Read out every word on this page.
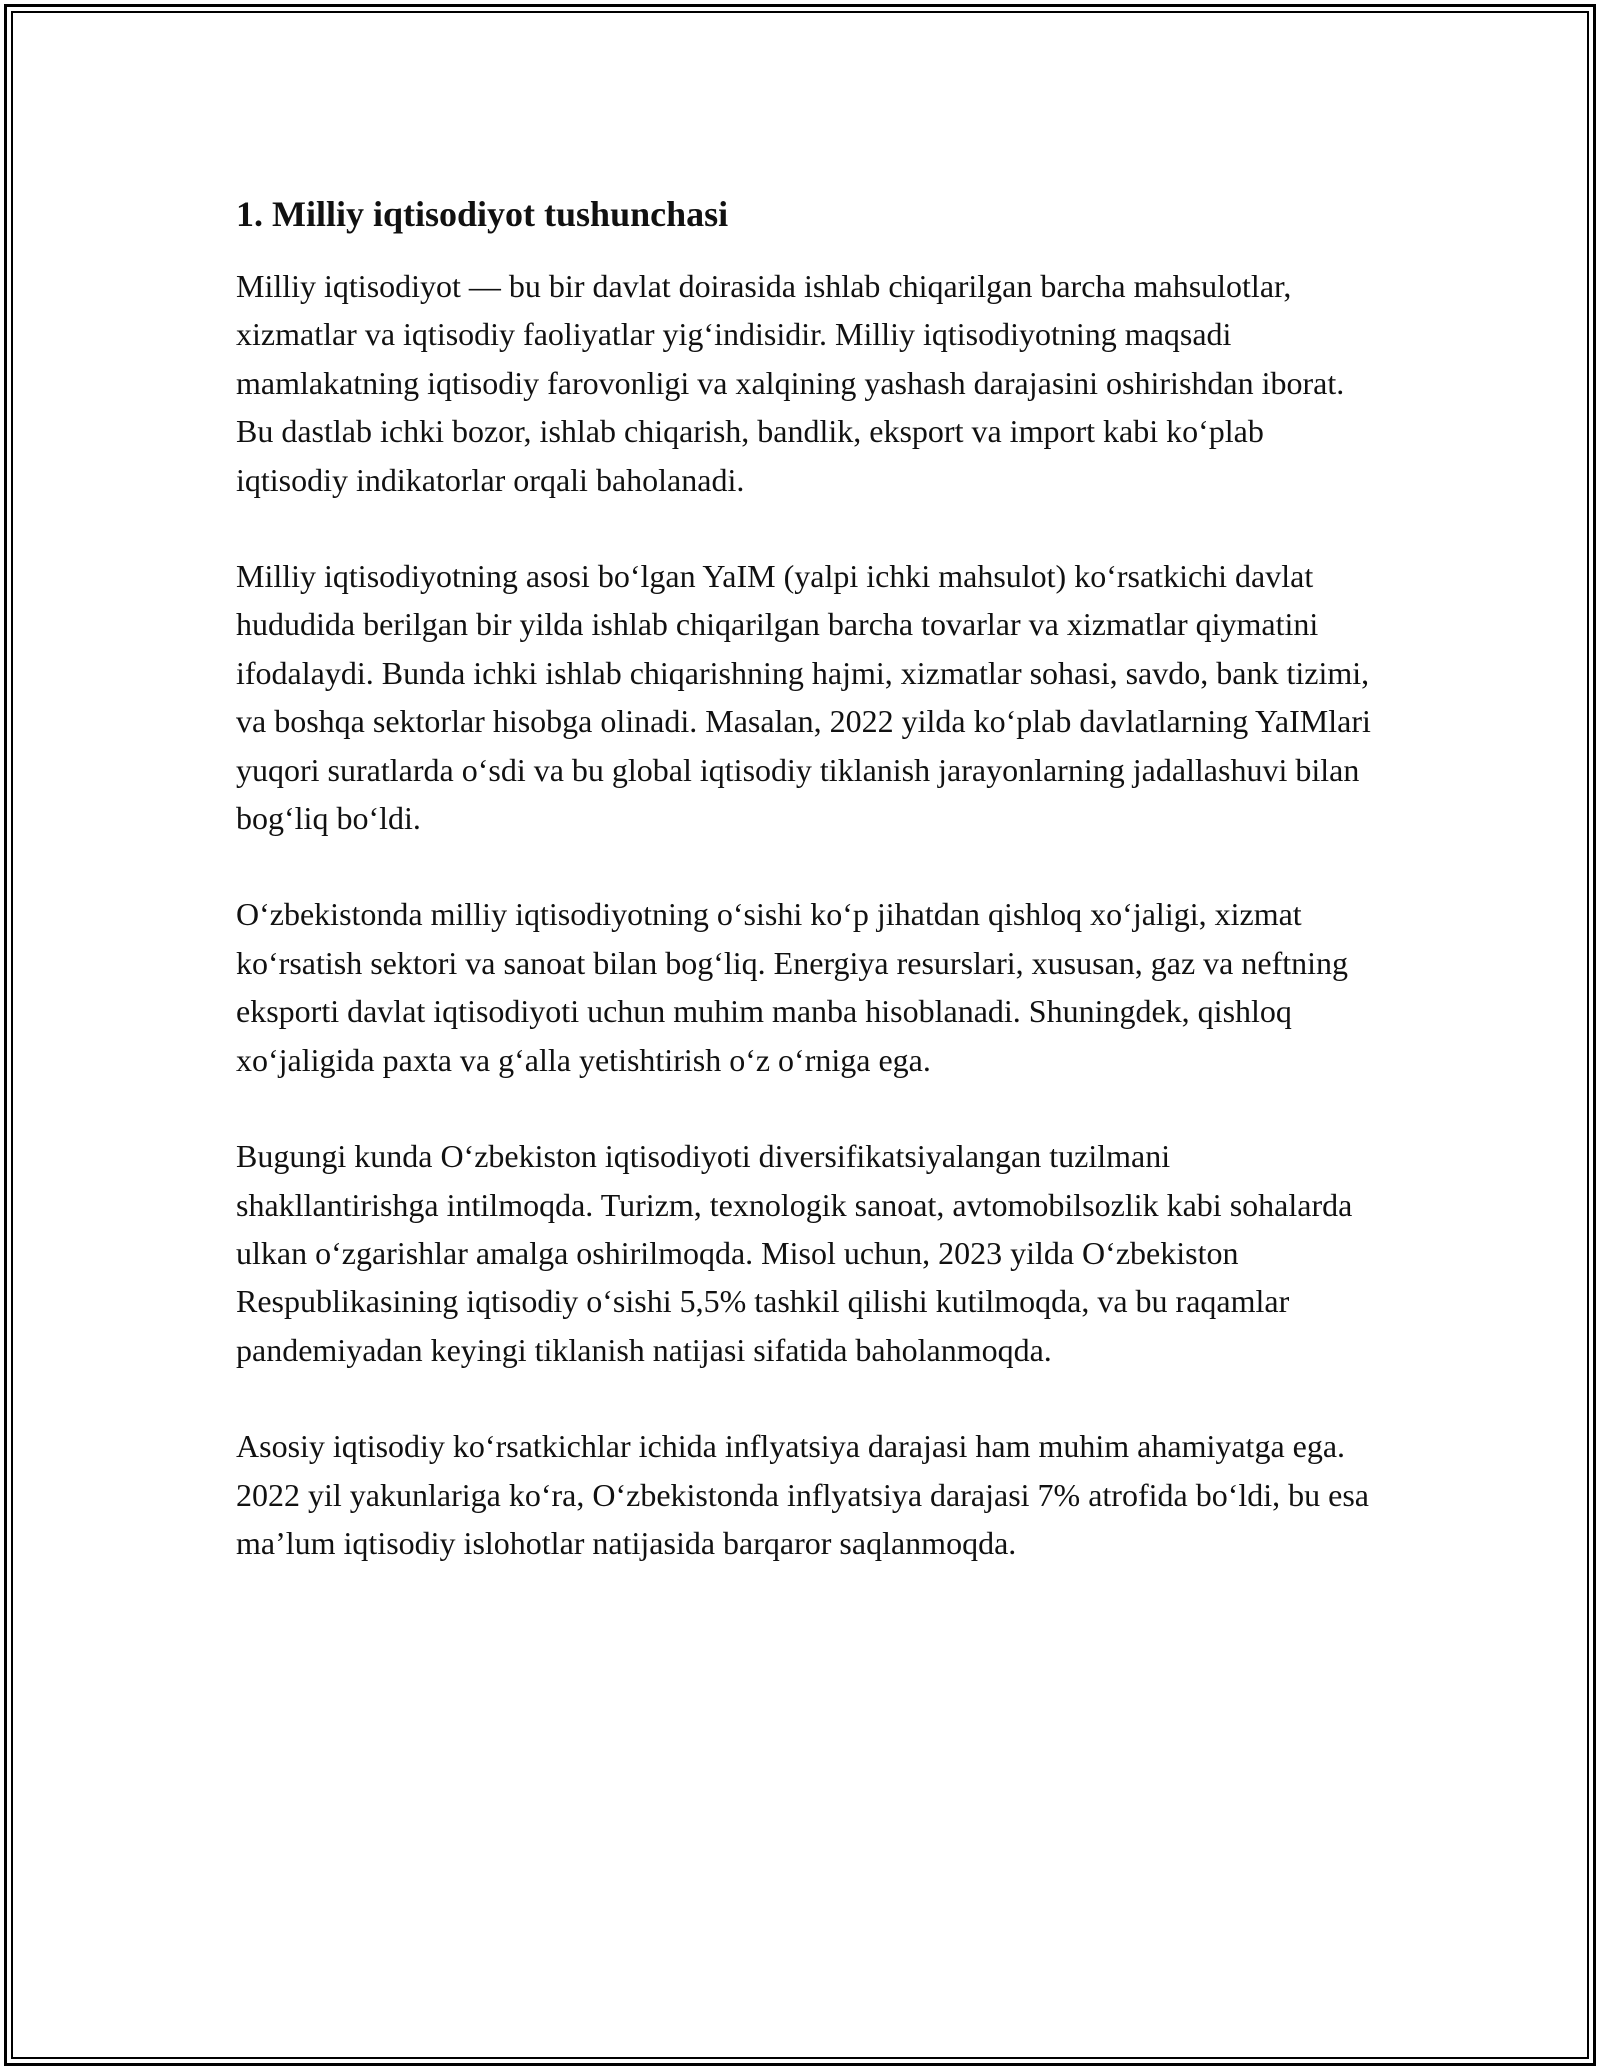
1. Milliy iqtisodiyot tushunchasi

Milliy iqtisodiyot — bu bir davlat doirasida ishlab chiqarilgan barcha mahsulotlar, xizmatlar va iqtisodiy faoliyatlar yig‘indisidir. Milliy iqtisodiyotning maqsadi mamlakatning iqtisodiy farovonligi va xalqining yashash darajasini oshirishdan iborat. Bu dastlab ichki bozor, ishlab chiqarish, bandlik, eksport va import kabi ko‘plab iqtisodiy indikatorlar orqali baholanadi.

Milliy iqtisodiyotning asosi bo‘lgan YaIM (yalpi ichki mahsulot) ko‘rsatkichi davlat hududida berilgan bir yilda ishlab chiqarilgan barcha tovarlar va xizmatlar qiymatini ifodalaydi. Bunda ichki ishlab chiqarishning hajmi, xizmatlar sohasi, savdo, bank tizimi, va boshqa sektorlar hisobga olinadi. Masalan, 2022 yilda ko‘plab davlatlarning YaIMlari yuqori suratlarda o‘sdi va bu global iqtisodiy tiklanish jarayonlarning jadallashuvi bilan bog‘liq bo‘ldi.

O‘zbekistonda milliy iqtisodiyotning o‘sishi ko‘p jihatdan qishloq xo‘jaligi, xizmat ko‘rsatish sektori va sanoat bilan bog‘liq. Energiya resurslari, xususan, gaz va neftning eksporti davlat iqtisodiyoti uchun muhim manba hisoblanadi. Shuningdek, qishloq xo‘jaligida paxta va g‘alla yetishtirish o‘z o‘rniga ega.

Bugungi kunda O‘zbekiston iqtisodiyoti diversifikatsiyalangan tuzilmani shakllantirishga intilmoqda. Turizm, texnologik sanoat, avtomobilsozlik kabi sohalarda ulkan o‘zgarishlar amalga oshirilmoqda. Misol uchun, 2023 yilda O‘zbekiston Respublikasining iqtisodiy o‘sishi 5,5% tashkil qilishi kutilmoqda, va bu raqamlar pandemiyadan keyingi tiklanish natijasi sifatida baholanmoqda.

Asosiy iqtisodiy ko‘rsatkichlar ichida inflyatsiya darajasi ham muhim ahamiyatga ega. 2022 yil yakunlariga ko‘ra, O‘zbekistonda inflyatsiya darajasi 7% atrofida bo‘ldi, bu esa ma’lum iqtisodiy islohotlar natijasida barqaror saqlanmoqda.
